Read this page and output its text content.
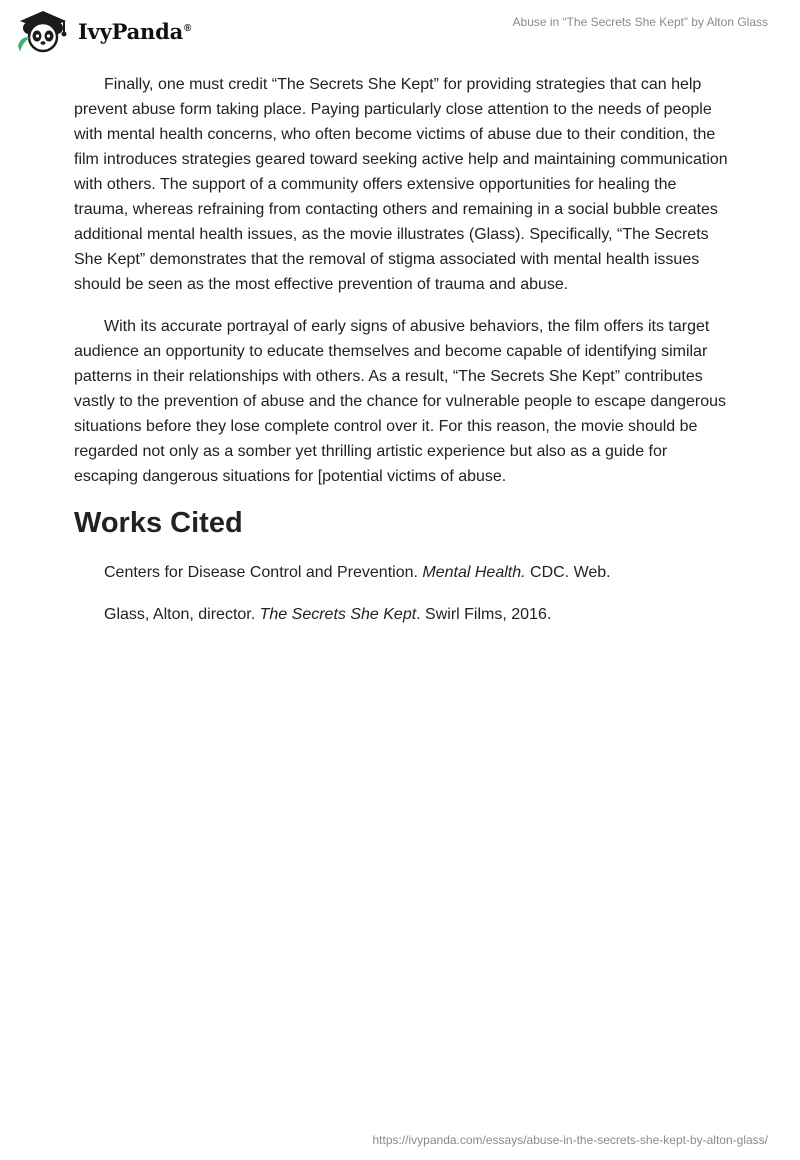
IvyPanda®	Abuse in “The Secrets She Kept” by Alton Glass

Finally, one must credit “The Secrets She Kept” for providing strategies that can help prevent abuse form taking place. Paying particularly close attention to the needs of people with mental health concerns, who often become victims of abuse due to their condition, the film introduces strategies geared toward seeking active help and maintaining communication with others. The support of a community offers extensive opportunities for healing the trauma, whereas refraining from contacting others and remaining in a social bubble creates additional mental health issues, as the movie illustrates (Glass). Specifically, “The Secrets She Kept” demonstrates that the removal of stigma associated with mental health issues should be seen as the most effective prevention of trauma and abuse.

With its accurate portrayal of early signs of abusive behaviors, the film offers its target audience an opportunity to educate themselves and become capable of identifying similar patterns in their relationships with others. As a result, “The Secrets She Kept” contributes vastly to the prevention of abuse and the chance for vulnerable people to escape dangerous situations before they lose complete control over it. For this reason, the movie should be regarded not only as a somber yet thrilling artistic experience but also as a guide for escaping dangerous situations for [potential victims of abuse.

Works Cited

Centers for Disease Control and Prevention. Mental Health. CDC. Web.

Glass, Alton, director. The Secrets She Kept. Swirl Films, 2016.

https://ivypanda.com/essays/abuse-in-the-secrets-she-kept-by-alton-glass/
